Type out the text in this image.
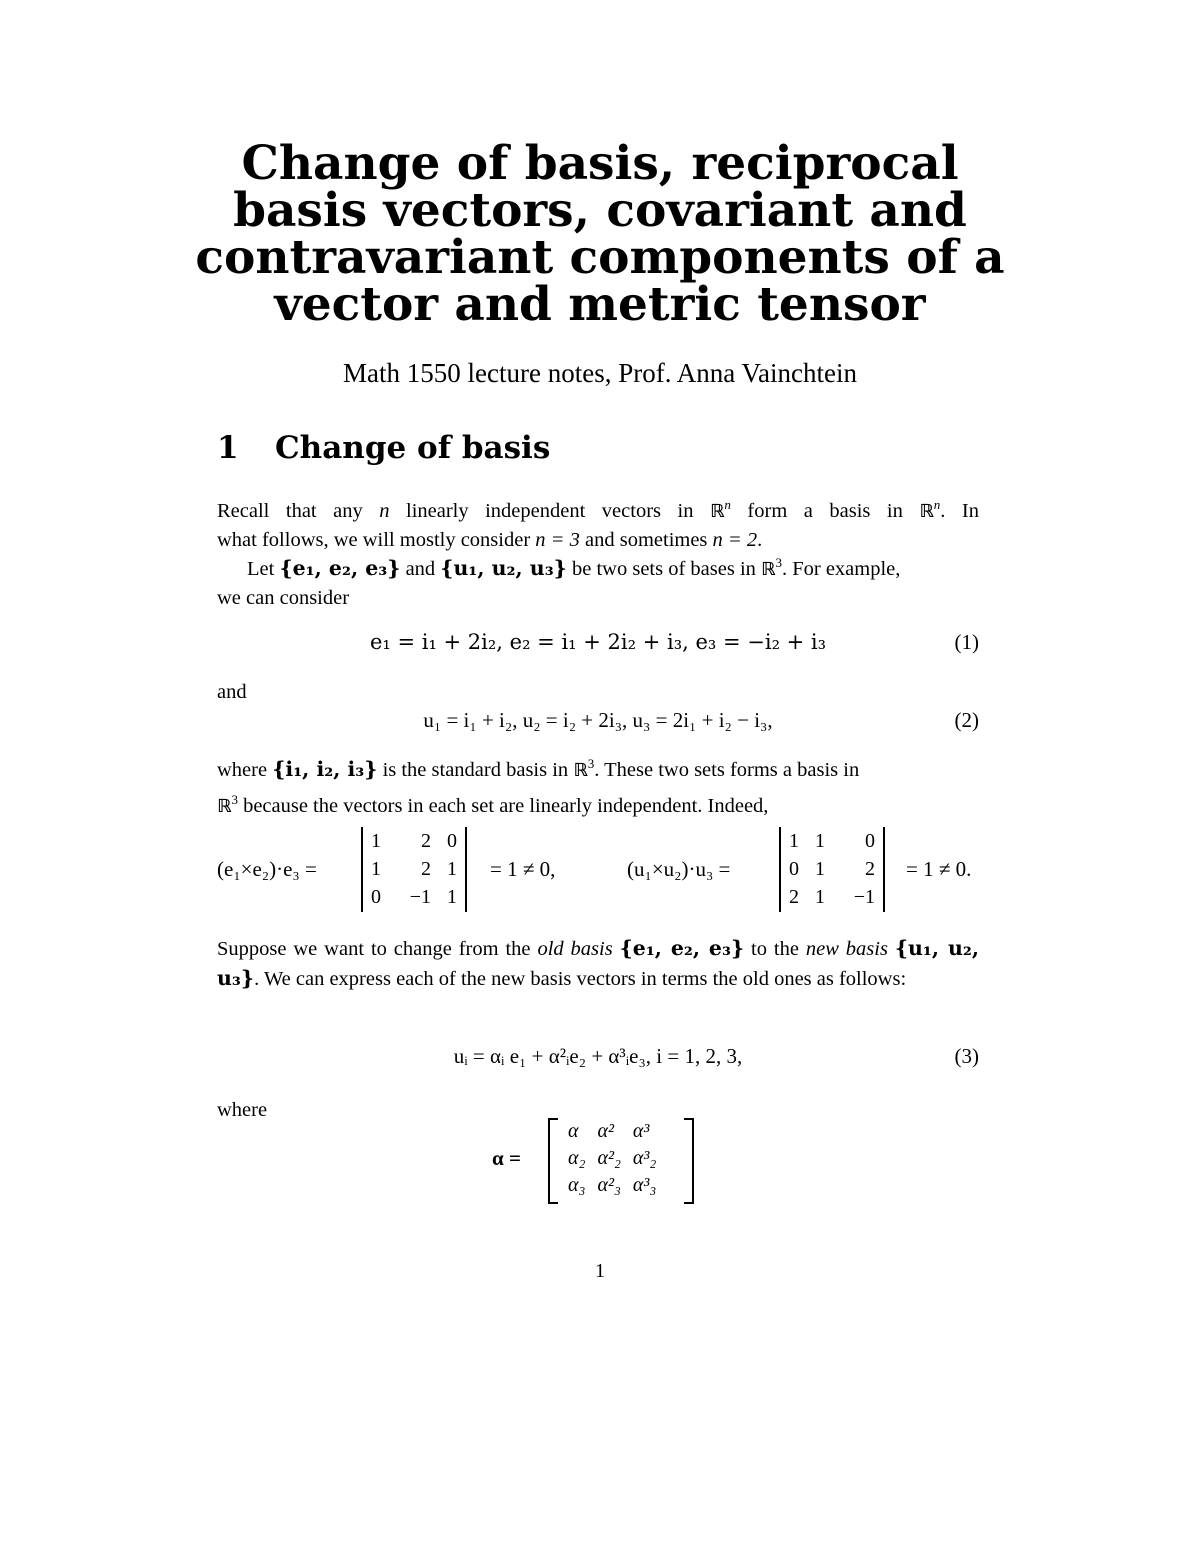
Change of basis, reciprocal
basis vectors, covariant and
contravariant components of a
vector and metric tensor
Math 1550 lecture notes, Prof. Anna Vainchtein
1 Change of basis

Recall that any n linearly independent vectors in ℝ$^n$ form a basis in ℝ$^n$. In
what follows, we will mostly consider n = 3 and sometimes n = 2.

Let {e₁, e₂, e₃} and {u₁, u₂, u₃} be two sets of bases in ℝ$^3$. For example,
we can consider

e₁ = i₁ + 2i₂, e₂ = i₁ + 2i₂ + i₃, e₃ = −i₂ + i₃	(1)

and

u₁ = i₁ + i₂, u₂ = i₂ + 2i₃, u₃ = 2i₁ + i₂ − i₃,	(2)

where {i₁, i₂, i₃} is the standard basis in ℝ$^3$. These two sets forms a basis in
ℝ$^3$ because the vectors in each set are linearly independent. Indeed,

(e₁×e₂)·e₃ =
1	2	0
1	2	1
0	−1	1
= 1 ≠ 0,	(u₁×u₂)·u₃ =
1	1	0
0	1	2
2	1	−1
= 1 ≠ 0.

Suppose we want to change from the old basis {e₁, e₂, e₃} to the new basis {u₁, u₂, u₃}. We can express each of the new basis vectors in terms the old ones as follows:

uᵢ = αᵢ e₁ + α²ᵢe₂ + α³ᵢe₃, i = 1, 2, 3,	(3)

where

α =
α	α²	α³
α₂	α²₂	α³₂
α₃	α²₃	α³₃
1
